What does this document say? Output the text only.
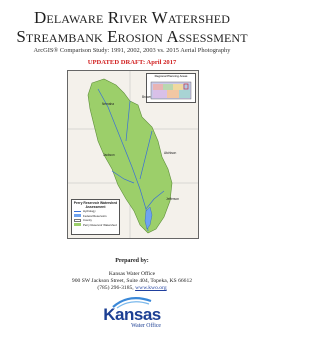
Delaware River Watershed
Streambank Erosion Assessment
ArcGIS® Comparison Study: 1991, 2002, 2003 vs. 2015 Aerial Photography
UPDATED DRAFT: April 2017
Regional Planning Areas
Nemaha
Brown
Jackson	Atchison
Jefferson
Perry Reservoir Watershed Assessment
Hydrology
Federal Reservoirs
County
Perry Reservoir Watershed
Prepared by:
Kansas Water Office
900 SW Jackson Street, Suite 404, Topeka, KS 66612
(785) 296-3185, www.kwo.org
Kansas
Water Office
